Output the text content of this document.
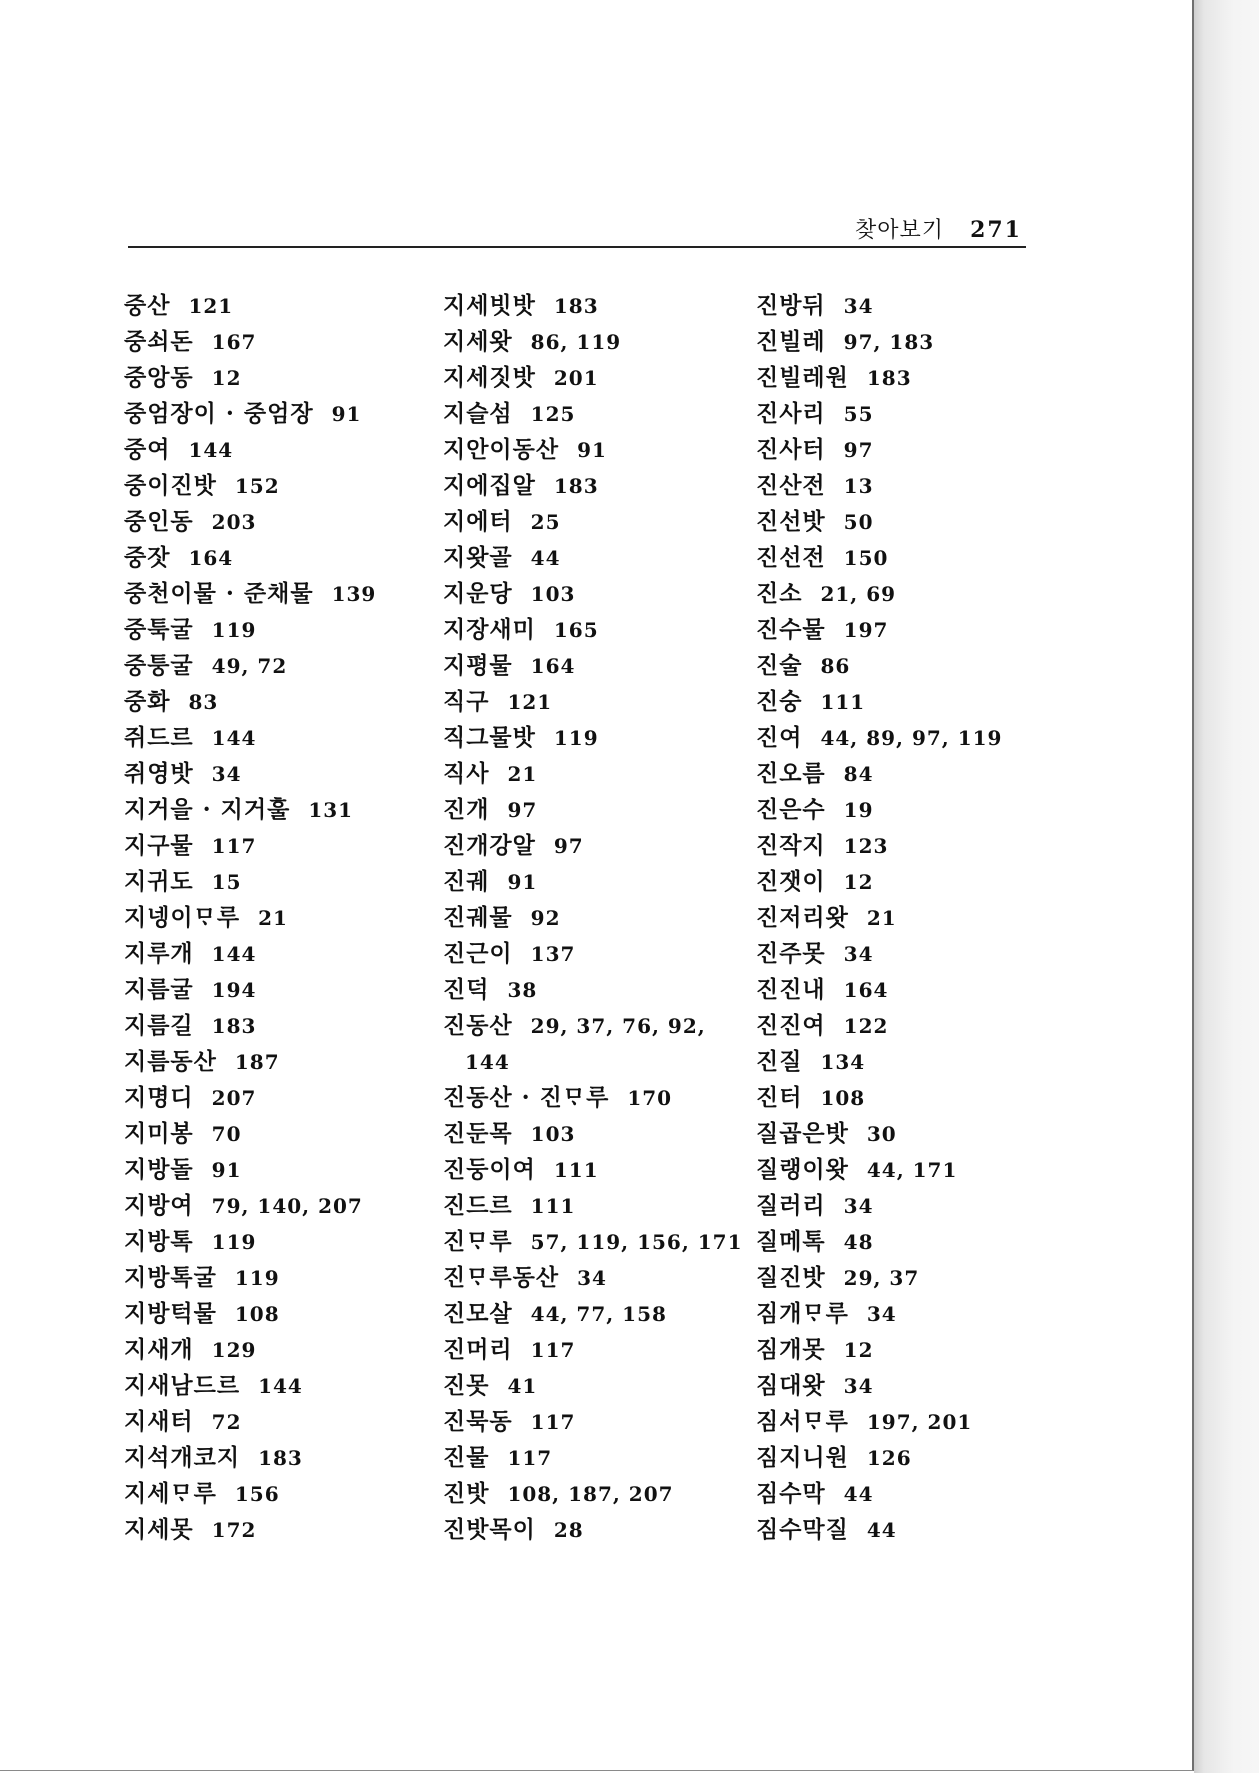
찾아보기 271
중산 121
중쇠돈 167
중앙동 12
중엄장이 · 중엄장 91
중여 144
중이진밧 152
중인동 203
중잣 164
중천이물 · 준채물 139
중툭굴 119
중퉁굴 49, 72
중화 83
쥐드르 144
쥐영밧 34
지거을 · 지거훌 131
지구물 117
지귀도 15
지넹이ᄆᆞ루 21
지루개 144
지름굴 194
지름길 183
지름동산 187
지명디 207
지미봉 70
지방돌 91
지방여 79, 140, 207
지방톡 119
지방톡굴 119
지방턱물 108
지새개 129
지새남드르 144
지새터 72
지석개코지 183
지세ᄆᆞ루 156
지세못 172
지세빗밧 183
지세왓 86, 119
지세짓밧 201
지슬섬 125
지안이동산 91
지에집알 183
지에터 25
지왓골 44
지운당 103
지장새미 165
지평물 164
직구 121
직그물밧 119
직사 21
진개 97
진개강알 97
진궤 91
진궤물 92
진근이 137
진덕 38
진동산 29, 37, 76, 92,
144
진동산 · 진ᄆᆞ루 170
진둔목 103
진둥이여 111
진드르 111
진ᄆᆞ루 57, 119, 156, 171
진ᄆᆞ루동산 34
진모살 44, 77, 158
진머리 117
진못 41
진묵동 117
진물 117
진밧 108, 187, 207
진밧목이 28
진방뒤 34
진빌레 97, 183
진빌레원 183
진사리 55
진사터 97
진산전 13
진선밧 50
진선전 150
진소 21, 69
진수물 197
진술 86
진숭 111
진여 44, 89, 97, 119
진오름 84
진은수 19
진작지 123
진잿이 12
진저리왓 21
진주못 34
진진내 164
진진여 122
진질 134
진터 108
질곱은밧 30
질랭이왓 44, 171
질러리 34
질메톡 48
질진밧 29, 37
짐개ᄆᆞ루 34
짐개못 12
짐대왓 34
짐서ᄆᆞ루 197, 201
짐지니원 126
짐수막 44
짐수막질 44
